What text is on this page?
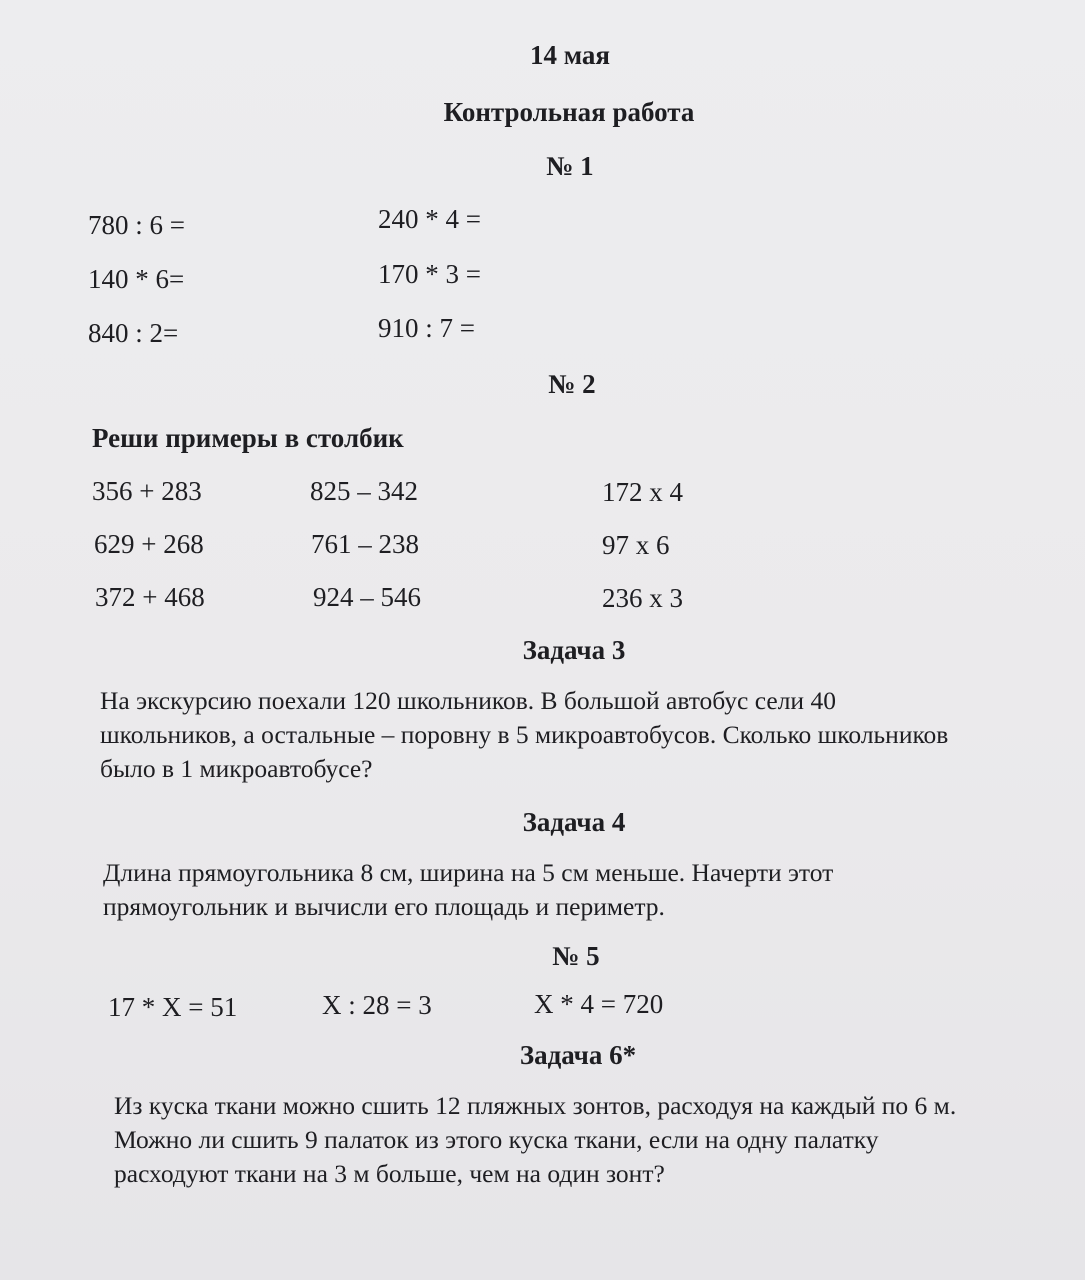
14 мая
Контрольная работа
№ 1
780 : 6 =
140 * 6=
840 : 2=
240 * 4 =
170 * 3 =
910 : 7 =
№ 2
Реши примеры в столбик
356 + 283
629 + 268
372 + 468
825 – 342
761 – 238
924 – 546
172 х 4
97 х 6
236 х 3
Задача 3
На экскурсию поехали 120 школьников. В большой автобус сели 40
школьников, а остальные – поровну в 5 микроавтобусов. Сколько школьников
было в 1 микроавтобусе?
Задача 4
Длина прямоугольника 8 см, ширина на 5 см меньше. Начерти этот
прямоугольник и вычисли его площадь и периметр.
№ 5
17 * X = 51	X : 28 = 3	X * 4 = 720
Задача 6*
Из куска ткани можно сшить 12 пляжных зонтов, расходуя на каждый по 6 м.
Можно ли сшить 9 палаток из этого куска ткани, если на одну палатку
расходуют ткани на 3 м больше, чем на один зонт?
